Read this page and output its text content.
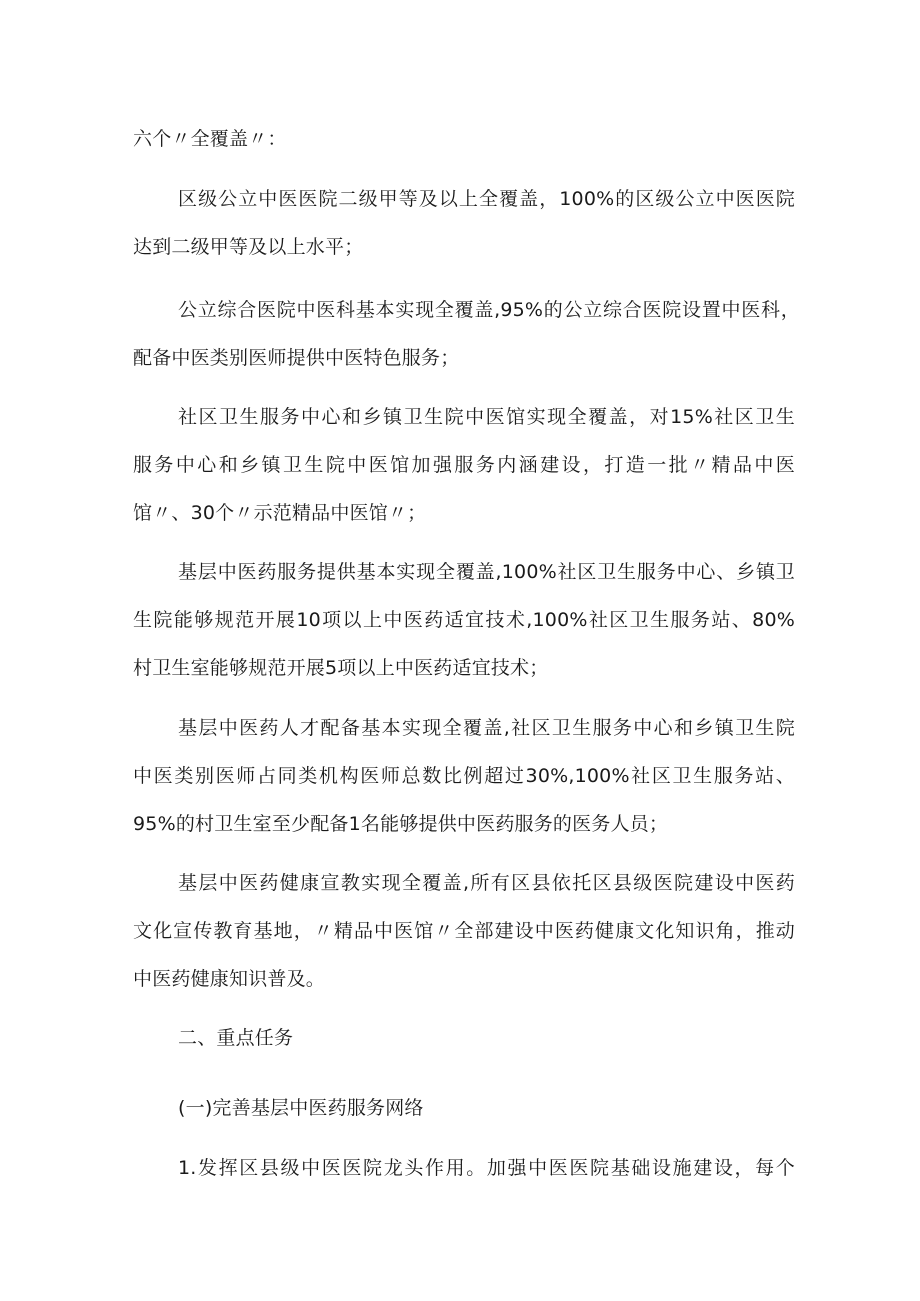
六个〃全覆盖〃：
区级公立中医医院二级甲等及以上全覆盖，100%的区级公立中医医院
达到二级甲等及以上水平；
公立综合医院中医科基本实现全覆盖,95%的公立综合医院设置中医科，
配备中医类别医师提供中医特色服务；
社区卫生服务中心和乡镇卫生院中医馆实现全覆盖，对15%社区卫生
服务中心和乡镇卫生院中医馆加强服务内涵建设，打造一批〃精品中医
馆〃、30个〃示范精品中医馆〃；
基层中医药服务提供基本实现全覆盖,100%社区卫生服务中心、乡镇卫
生院能够规范开展10项以上中医药适宜技术,100%社区卫生服务站、80%
村卫生室能够规范开展5项以上中医药适宜技术；
基层中医药人才配备基本实现全覆盖,社区卫生服务中心和乡镇卫生院
中医类别医师占同类机构医师总数比例超过30%,100%社区卫生服务站、
95%的村卫生室至少配备1名能够提供中医药服务的医务人员；
基层中医药健康宣教实现全覆盖,所有区县依托区县级医院建设中医药
文化宣传教育基地，〃精品中医馆〃全部建设中医药健康文化知识角，推动
中医药健康知识普及。
二、重点任务
(一)完善基层中医药服务网络
1.发挥区县级中医医院龙头作用。加强中医医院基础设施建设，每个
